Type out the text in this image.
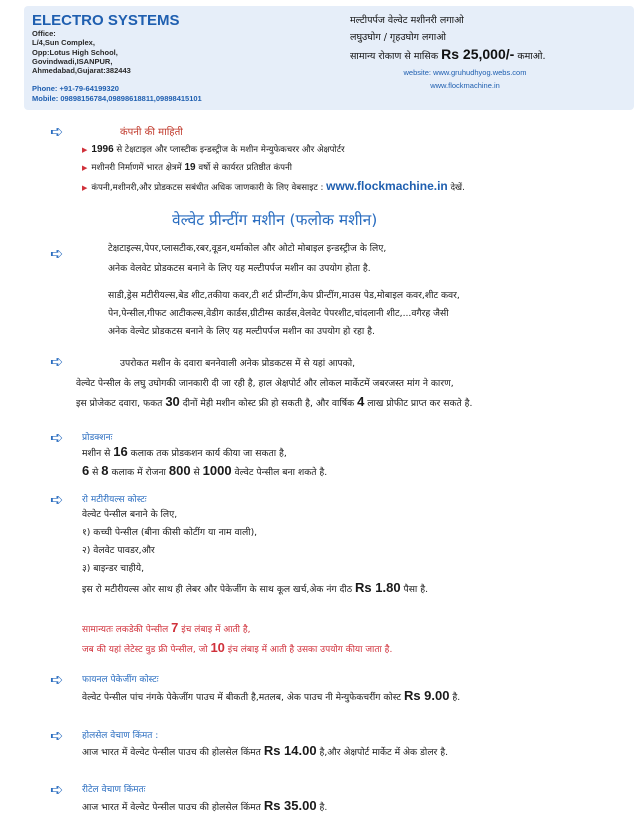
ELECTRO SYSTEMS
Office:
L/4,Sun Complex,
Opp:Lotus High School,
Govindwadi,ISANPUR,
Ahmedabad,Gujarat:382443
Phone: +91-79-64199320
Mobile: 09898156784,09898618811,09898415101
मल्टीपर्पज वेल्वेट मशीनरी लगाओ
लघुउघोग / गृहउघोग लगाओ
सामान्य रोकाण से मासिक Rs 25,000/- कमाओ.
website: www.gruhudhyog.webs.com
www.flockmachine.in
➪	कंपनी की माहिती
▶ 1996 से टेक्षटाइल और प्लास्टीक इन्डस्ट्रीज के मशीन मेन्युफेकचरर और अेक्षपोर्टर
▶ मशीनरी निर्माणमें भारत क्षेत्रमें 19 वर्षो से कार्यरत प्रतिष्ठीत कंपनी
▶ कंपनी,मशीनरी,और प्रोडकटस सबंधीत अधिक जाणकारी के लिए वेबसाइट : www.flockmachine.in देखें.
वेल्वेट प्रीन्टींग मशीन (फलोक मशीन)
➪	टेक्षटाइल्स,पेपर,प्लासटीक,रबर,वूडन,थर्माकोल और ओटो मोबाइल इन्डस्ट्रीज के लिए,
अनेक वेलवेट प्रोडकटस बनाने के लिए यह मल्टीपर्पज मशीन का उपयोग होता है.
साडी,ड्रेस मटीरीयल्स,बेड शीट,तकीया कवर,टी शर्ट प्रीन्टींग,केप प्रीन्टींग,माउस पेड,मोबाइल कवर,शीट कवर,
पेन,पेन्सील,गीफट आटीकल्स,वेडीग कार्डस,ग्रीटीग्स कार्डस,वेलवेट पेपरशीट,चांदलानी शीट,...वगैरह जैसी
अनेक वेल्वेट प्रोडकटस बनाने के लिए यह मल्टीपर्पज मशीन का उपयोग हो रहा है.
➪	उपरोकत मशीन के दवारा बननेवाली अनेक प्रोडकटस में से यहां आपको,
वेल्वेट पेन्सील के लघु उघोगकी जानकारी दी जा रही है, हाल अेक्षपोर्ट और लोकल मार्केटमें जबरजस्त मांग ने कारण,
इस प्रोजेकट दवारा, फकत 30 दीनों मेही मशीन कोस्ट फ्री हो सकती है, और वार्षिक 4 लाख प्रोफीट प्राप्त कर सकते है.
➪ प्रोडक्शनः
मशीन से 16 कलाक तक प्रोडकशन कार्य कीया जा सकता है,
6 से 8 कलाक में रोजना 800 से 1000 वेल्वेट पेन्सील बना शकते है.
➪ रो मटीरीयल्स कोस्टः
वेल्वेट पेन्सील बनाने के लिए,
१) कच्ची पेन्सील (बीना कीसी कोटींग या नाम वाली),
२) वेलवेट पावडर,और
३) बाइन्डर चाहीये,
इस रो मटीरीयल्स ओर साथ ही लेबर और पेकेजींग के साथ कूल खर्च,अेक नंग दीठ Rs 1.80 पैसा है.
सामान्यतः लकडेकी पेन्सील 7 इंच लंबाइ में आती है,
जब की यहां लेटेस्ट वुड फ्री पेन्सील, जो 10 इंच लंबाइ में आती है उसका उपयोग कीया जाता है.
➪ फायनल पेकेजींग कोस्टः
वेल्वेट पेन्सील पांच नंगके पेकेजींग पाउच में बीकती है,मतलब, अेक पाउच नी मेन्युफेकचरींग कोस्ट Rs 9.00 है.
➪ होलसेल वेचाण किंमत :
आज भारत में वेल्वेट पेन्सील पाउच की होलसेल किंमत Rs 14.00 है,और अेक्षपोर्ट मार्केट में अेक डोलर है.
➪ रीटेल वेचाण किंमतः
आज भारत में वेल्वेट पेन्सील पाउच की होलसेल किंमत Rs 35.00 है.
